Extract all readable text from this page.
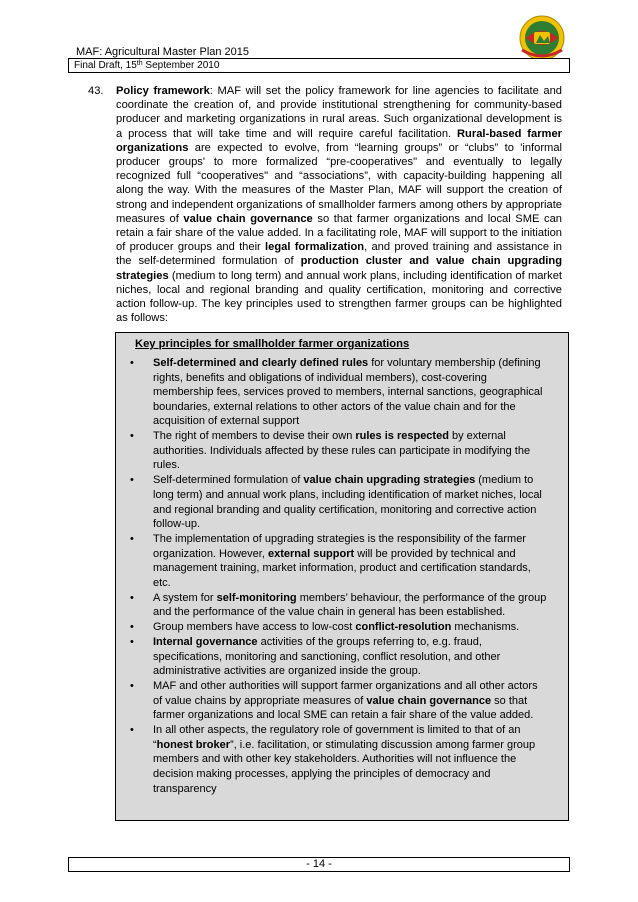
MAF: Agricultural Master Plan 2015
Final Draft, 15th September 2010
43. Policy framework: MAF will set the policy framework for line agencies to facilitate and coordinate the creation of, and provide institutional strengthening for community-based producer and marketing organizations in rural areas. Such organizational development is a process that will take time and will require careful facilitation. Rural-based farmer organizations are expected to evolve, from “learning groups” or “clubs” to 'informal producer groups' to more formalized “pre-cooperatives" and eventually to legally recognized full “cooperatives" and “associations”, with capacity-building happening all along the way. With the measures of the Master Plan, MAF will support the creation of strong and independent organizations of smallholder farmers among others by appropriate measures of value chain governance so that farmer organizations and local SME can retain a fair share of the value added. In a facilitating role, MAF will support to the initiation of producer groups and their legal formalization, and proved training and assistance in the self-determined formulation of production cluster and value chain upgrading strategies (medium to long term) and annual work plans, including identification of market niches, local and regional branding and quality certification, monitoring and corrective action follow-up. The key principles used to strengthen farmer groups can be highlighted as follows:
Key principles for smallholder farmer organizations
• Self-determined and clearly defined rules for voluntary membership (defining rights, benefits and obligations of individual members), cost-covering membership fees, services proved to members, internal sanctions, geographical boundaries, external relations to other actors of the value chain and for the acquisition of external support
• The right of members to devise their own rules is respected by external authorities. Individuals affected by these rules can participate in modifying the rules.
• Self-determined formulation of value chain upgrading strategies (medium to long term) and annual work plans, including identification of market niches, local and regional branding and quality certification, monitoring and corrective action follow-up.
• The implementation of upgrading strategies is the responsibility of the farmer organization. However, external support will be provided by technical and management training, market information, product and certification standards, etc.
• A system for self-monitoring members’ behaviour, the performance of the group and the performance of the value chain in general has been established.
• Group members have access to low-cost conflict-resolution mechanisms.
• Internal governance activities of the groups referring to, e.g. fraud, specifications, monitoring and sanctioning, conflict resolution, and other administrative activities are organized inside the group.
• MAF and other authorities will support farmer organizations and all other actors of value chains by appropriate measures of value chain governance so that farmer organizations and local SME can retain a fair share of the value added.
• In all other aspects, the regulatory role of government is limited to that of an “honest broker”, i.e. facilitation, or stimulating discussion among farmer group members and with other key stakeholders. Authorities will not influence the decision making processes, applying the principles of democracy and transparency
- 14 -
